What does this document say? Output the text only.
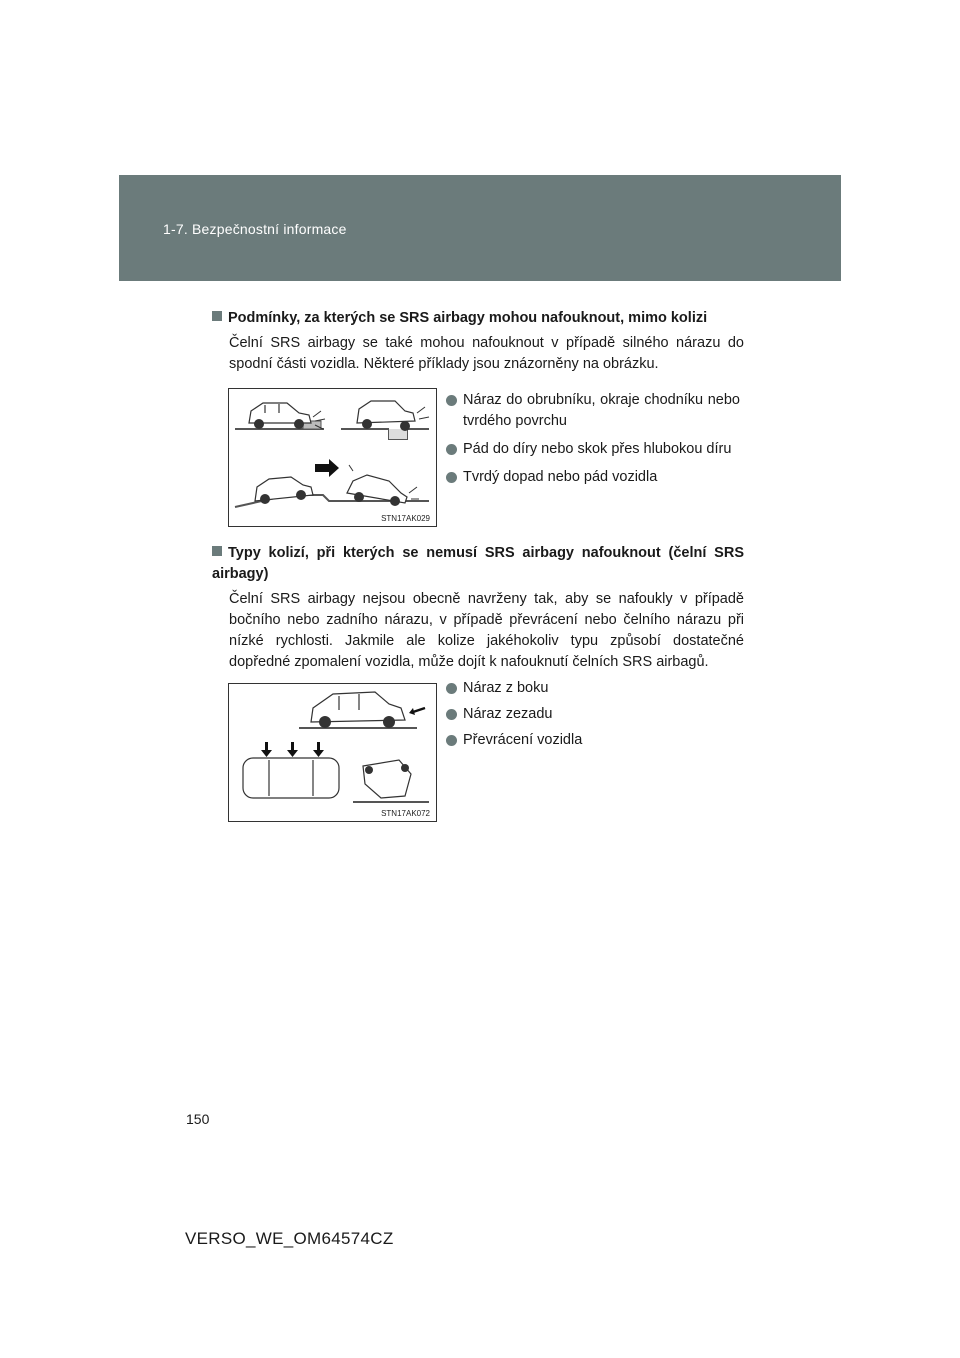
1-7. Bezpečnostní informace
Podmínky, za kterých se SRS airbagy mohou nafouknout, mimo kolizi
Čelní SRS airbagy se také mohou nafouknout v případě silného nárazu do spodní části vozidla. Některé příklady jsou znázorněny na obrázku.
STN17AK029
Náraz do obrubníku, okraje chodníku nebo tvrdého povrchu
Pád do díry nebo skok přes hlubokou díru
Tvrdý dopad nebo pád vozidla
Typy kolizí, při kterých se nemusí SRS airbagy nafouknout (čelní SRS airbagy)
Čelní SRS airbagy nejsou obecně navrženy tak, aby se nafoukly v případě bočního nebo zadního nárazu, v případě převrácení nebo čelního nárazu při nízké rychlosti. Jakmile ale kolize jakéhokoliv typu způsobí dostatečné dopředné zpomalení vozidla, může dojít k nafouknutí čelních SRS airbagů.
STN17AK072
Náraz z boku
Náraz zezadu
Převrácení vozidla
150
VERSO_WE_OM64574CZ
